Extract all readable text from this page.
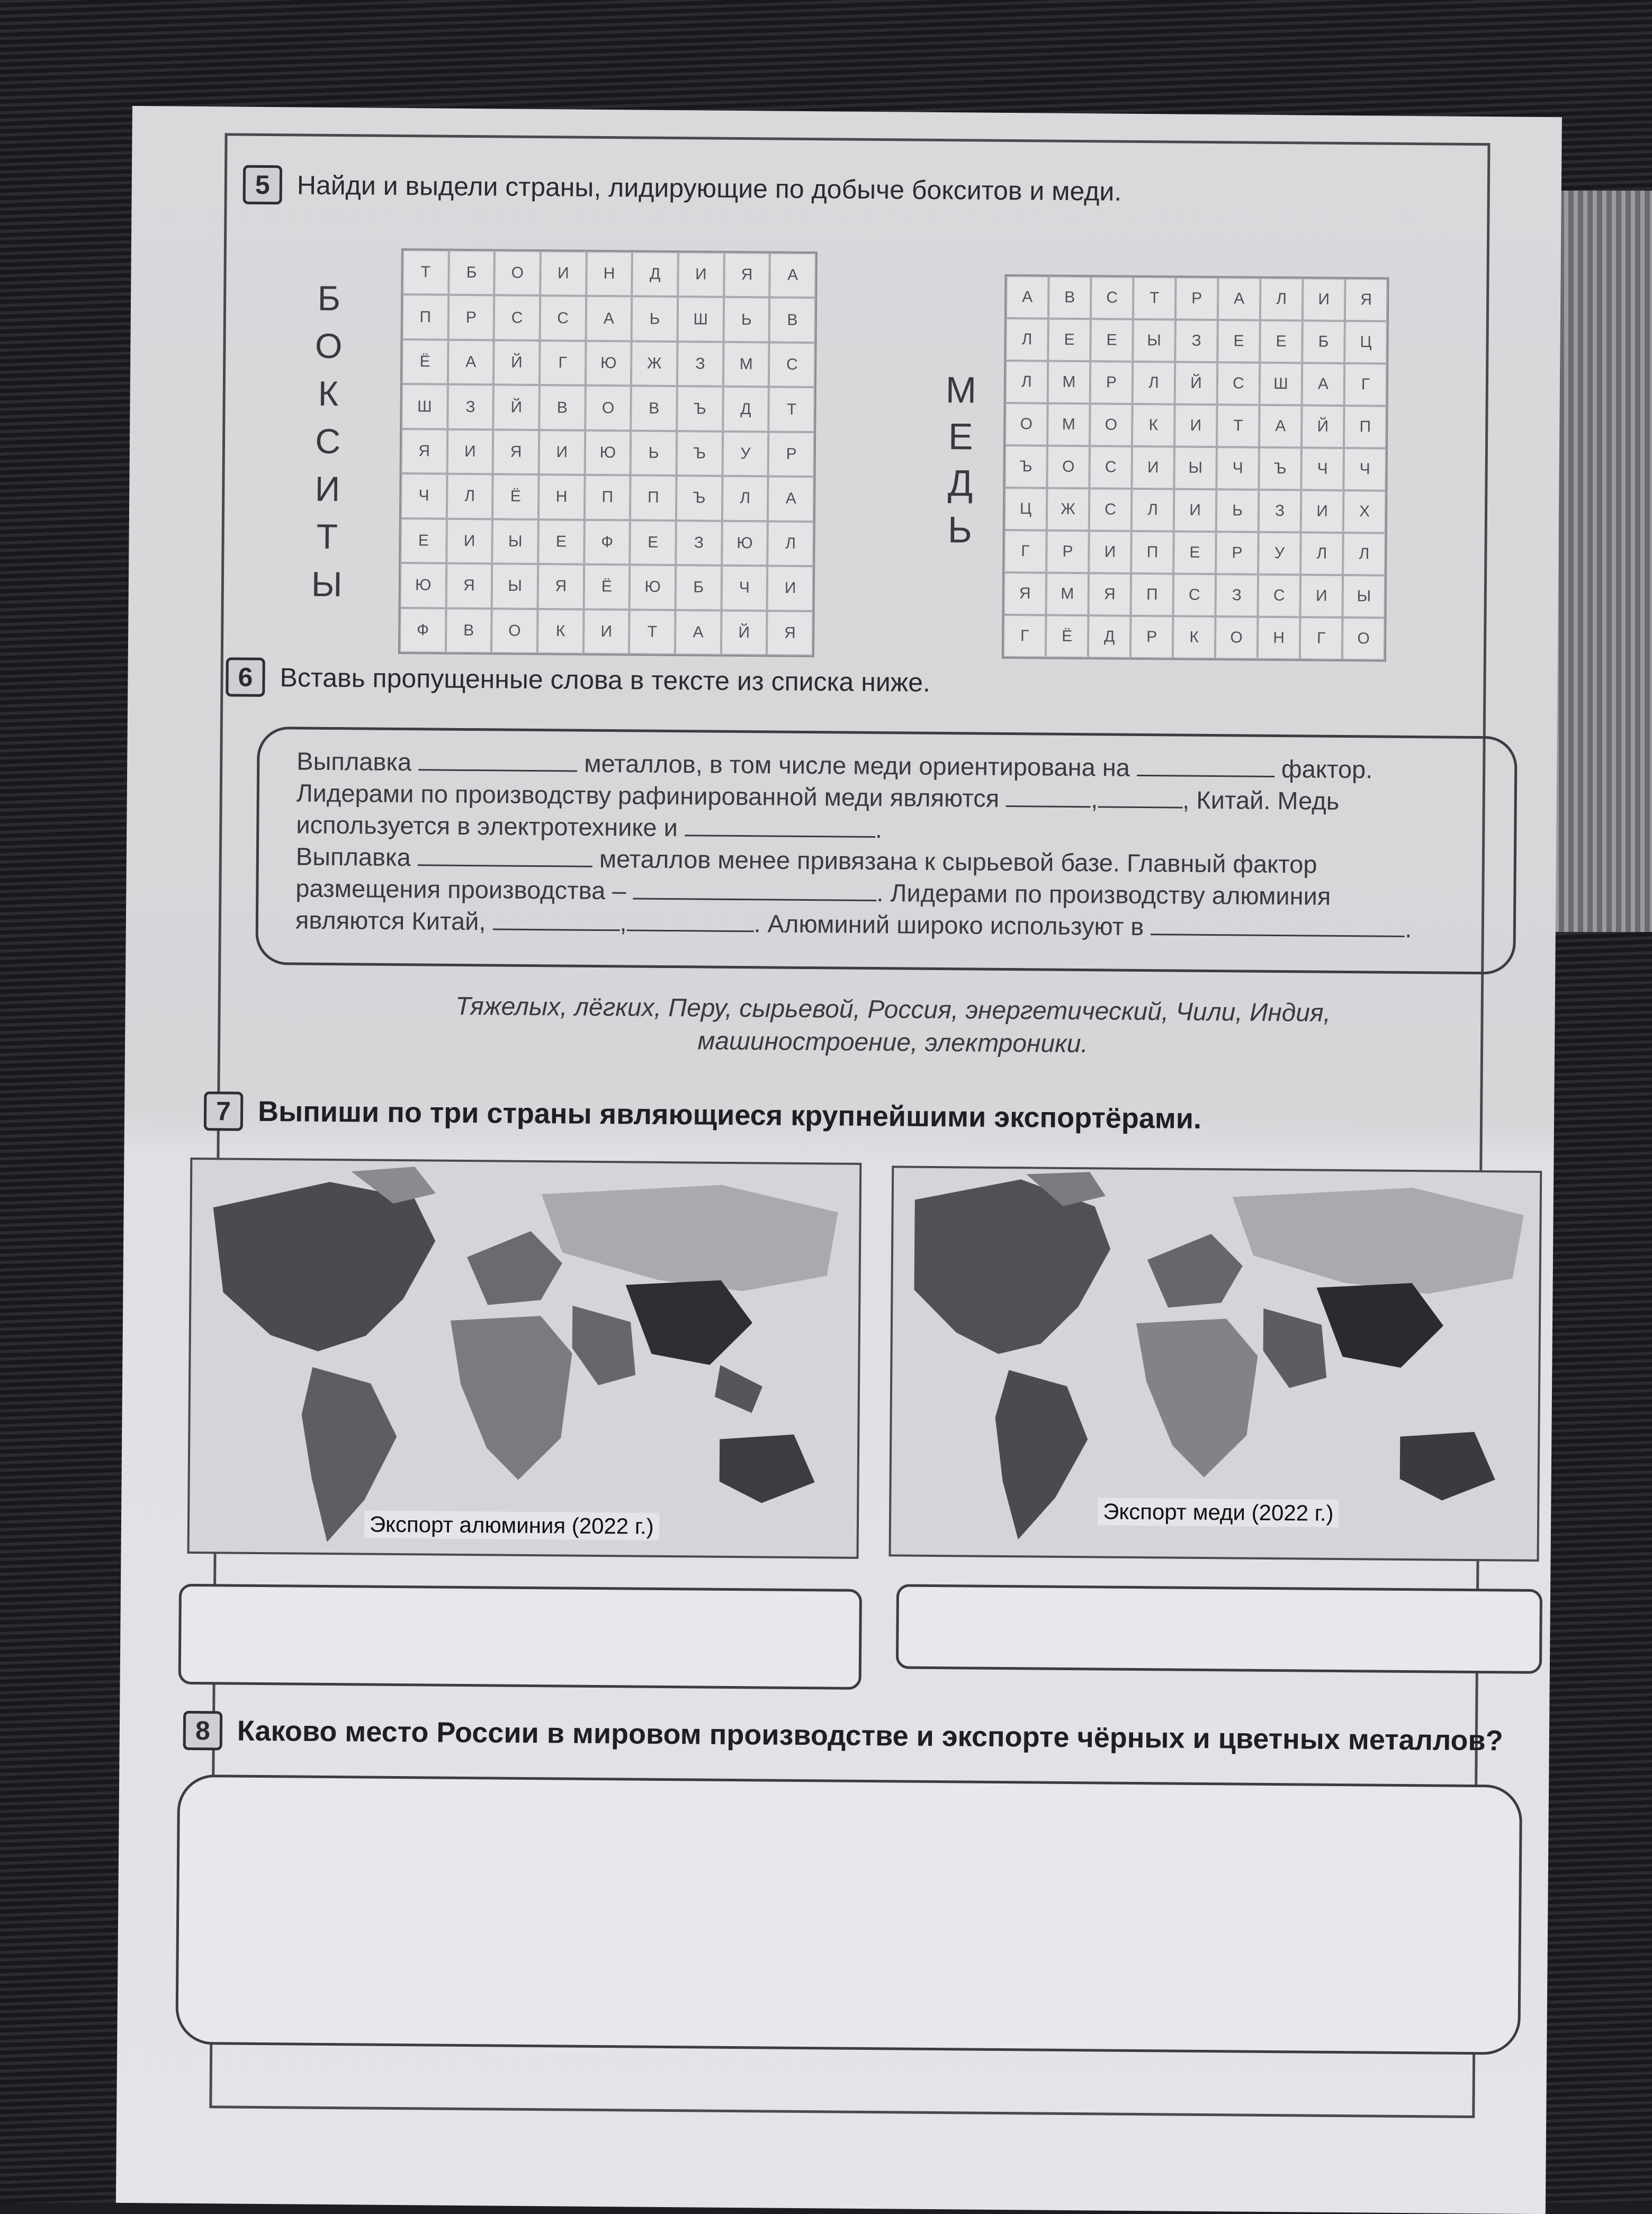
5	Найди и выдели страны, лидирующие по добыче бокситов и меди.
Б
О
К
С
И
Т
Ы
Т	Б	О	И	Н	Д	И	Я	А
П	Р	С	С	А	Ь	Ш	Ь	В
Ё	А	Й	Г	Ю	Ж	З	М	С
Ш	З	Й	В	О	В	Ъ	Д	Т
Я	И	Я	И	Ю	Ь	Ъ	У	Р
Ч	Л	Ё	Н	П	П	Ъ	Л	А
Е	И	Ы	Е	Ф	Е	З	Ю	Л
Ю	Я	Ы	Я	Ё	Ю	Б	Ч	И
Ф	В	О	К	И	Т	А	Й	Я
М
Е
Д
Ь
А	В	С	Т	Р	А	Л	И	Я
Л	Е	Е	Ы	З	Е	Е	Б	Ц
Л	М	Р	Л	Й	С	Ш	А	Г
О	М	О	К	И	Т	А	Й	П
Ъ	О	С	И	Ы	Ч	Ъ	Ч	Ч
Ц	Ж	С	Л	И	Ь	З	И	Х
Г	Р	И	П	Е	Р	У	Л	Л
Я	М	Я	П	С	З	С	И	Ы
Г	Ё	Д	Р	К	О	Н	Г	О
6	Вставь пропущенные слова в тексте из списка ниже.
Выплавка	металлов, в том числе меди ориентирована на	фактор.
Лидерами по производству рафинированной меди являются	,	, Китай. Медь
используется в электротехнике и	.
Выплавка	металлов менее привязана к сырьевой базе. Главный фактор
размещения производства –	. Лидерами по производству алюминия
являются Китай,	,	. Алюминий широко используют в	.
Тяжелых, лёгких, Перу, сырьевой, Россия, энергетический, Чили, Индия,
машиностроение, электроники.
7 Выпиши по три страны являющиеся крупнейшими экспортёрами.
Экспорт алюминия (2022 г.)	Экспорт меди (2022 г.)
8 Каково место России в мировом производстве и экспорте чёрных и цветных металлов?
